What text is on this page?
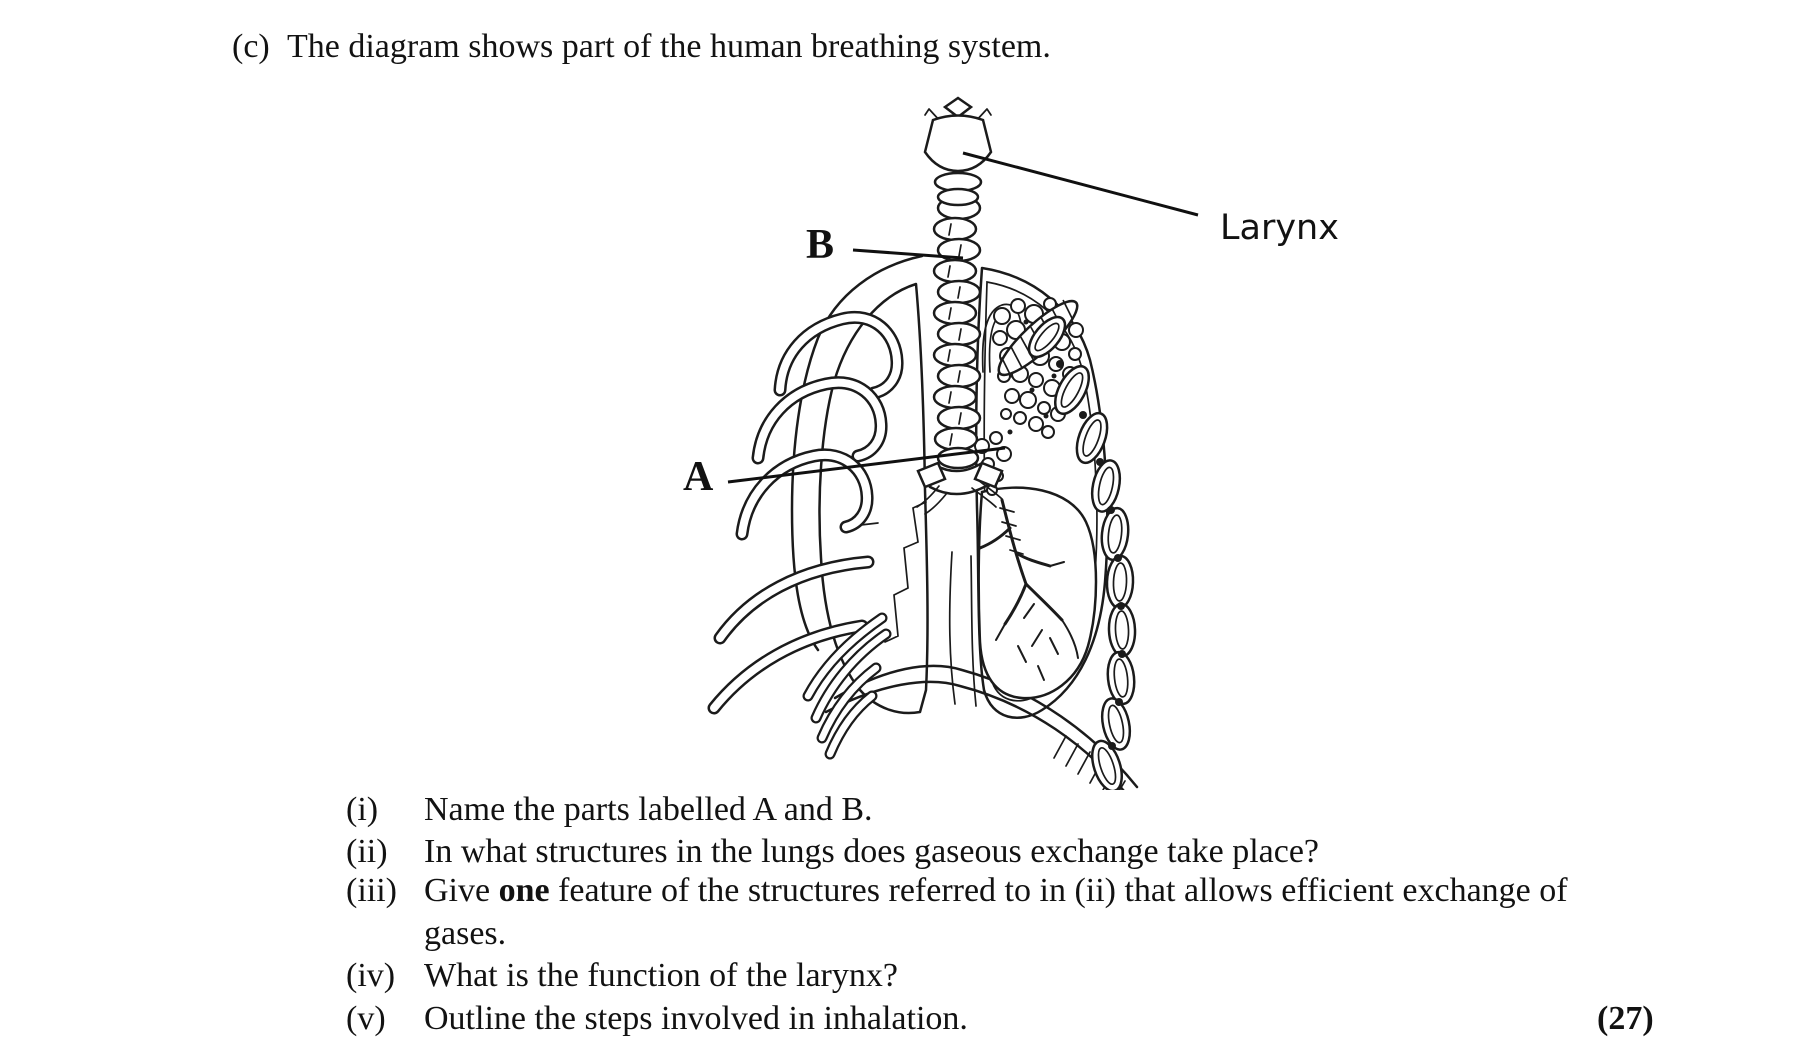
(c) The diagram shows part of the human breathing system.
B
A
Larynx
(i) Name the parts labelled A and B.
(ii) In what structures in the lungs does gaseous exchange take place?
(iii) Give one feature of the structures referred to in (ii) that allows efficient exchange of
gases.
(iv) What is the function of the larynx?
(v) Outline the steps involved in inhalation.	(27)
